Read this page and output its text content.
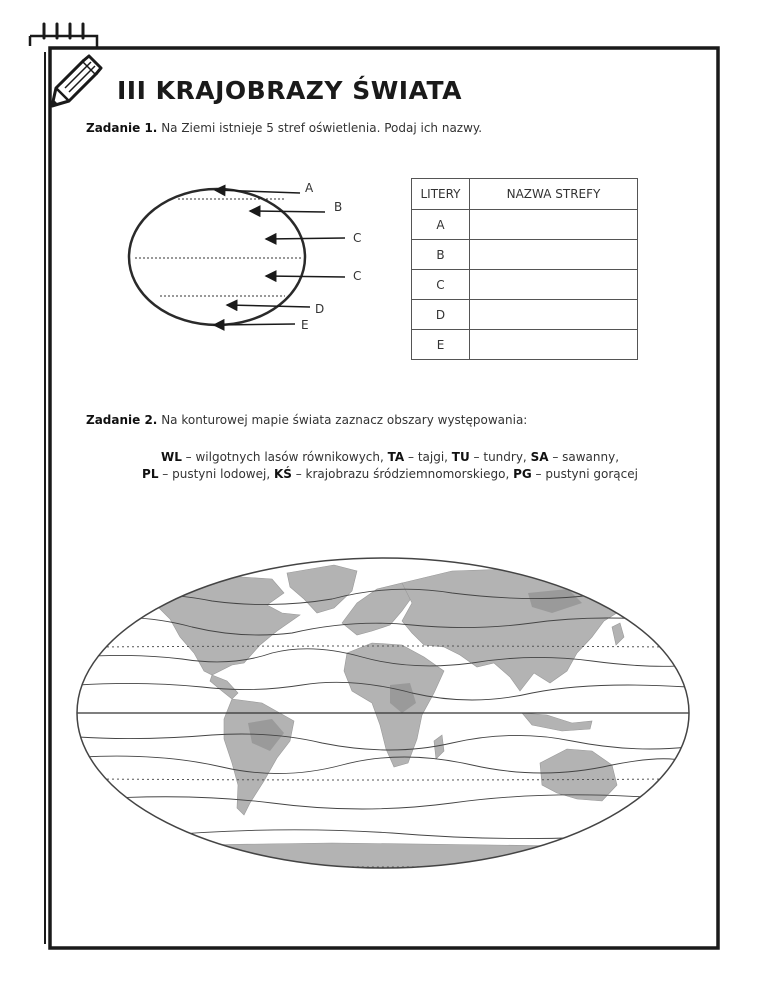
III KRAJOBRAZY ŚWIATA
Zadanie 1. Na Ziemi istnieje 5 stref oświetlenia. Podaj ich nazwy.
A
B
C
C
D
E
LITERY	NAZWA STREFY
A	
B	
C	
D	
E	
Zadanie 2. Na konturowej mapie świata zaznacz obszary występowania:
WL – wilgotnych lasów równikowych, TA – tajgi, TU – tundry, SA – sawanny,
PL – pustyni lodowej, KŚ – krajobrazu śródziemnomorskiego, PG – pustyni gorącej
